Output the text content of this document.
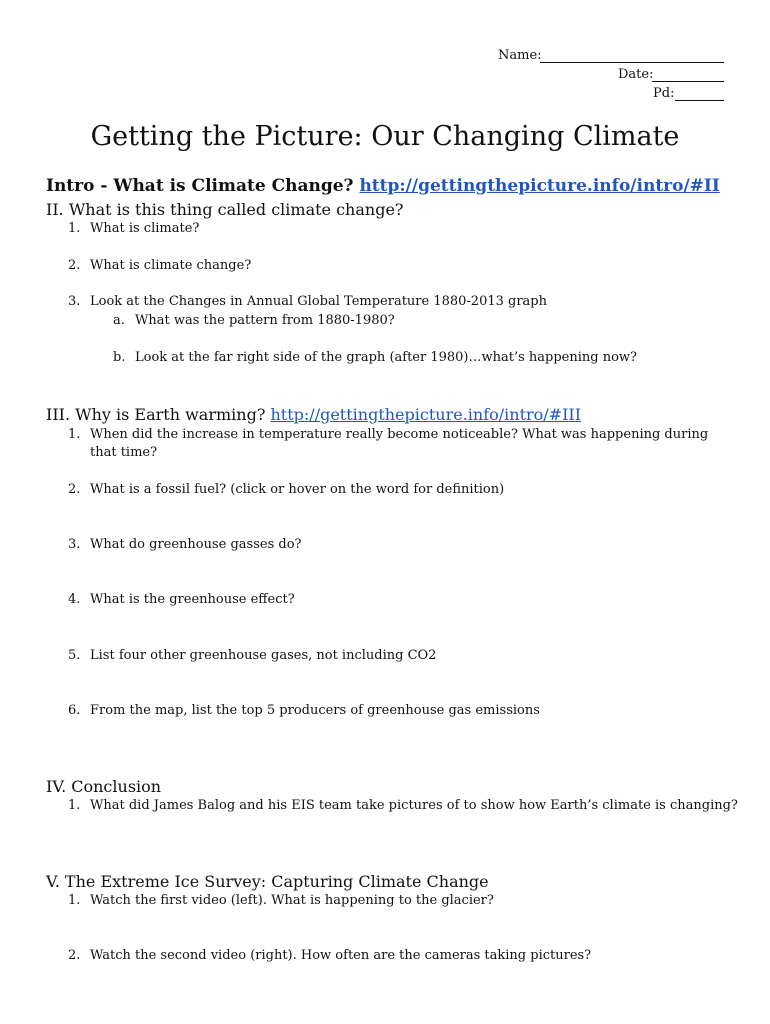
Name:
Date:
Pd:
Getting the Picture: Our Changing Climate
Intro - What is Climate Change? http://gettingthepicture.info/intro/#II
II. What is this thing called climate change?
1. What is climate?
2. What is climate change?
3. Look at the Changes in Annual Global Temperature 1880-2013 graph
a. What was the pattern from 1880-1980?
b. Look at the far right side of the graph (after 1980)…what’s happening now?
III. Why is Earth warming? http://gettingthepicture.info/intro/#III
1. When did the increase in temperature really become noticeable? What was happening during that time?
2. What is a fossil fuel? (click or hover on the word for definition)
3. What do greenhouse gasses do?
4. What is the greenhouse effect?
5. List four other greenhouse gases, not including CO2
6. From the map, list the top 5 producers of greenhouse gas emissions
IV. Conclusion
1. What did James Balog and his EIS team take pictures of to show how Earth’s climate is changing?
V. The Extreme Ice Survey: Capturing Climate Change
1. Watch the first video (left). What is happening to the glacier?
2. Watch the second video (right). How often are the cameras taking pictures?
